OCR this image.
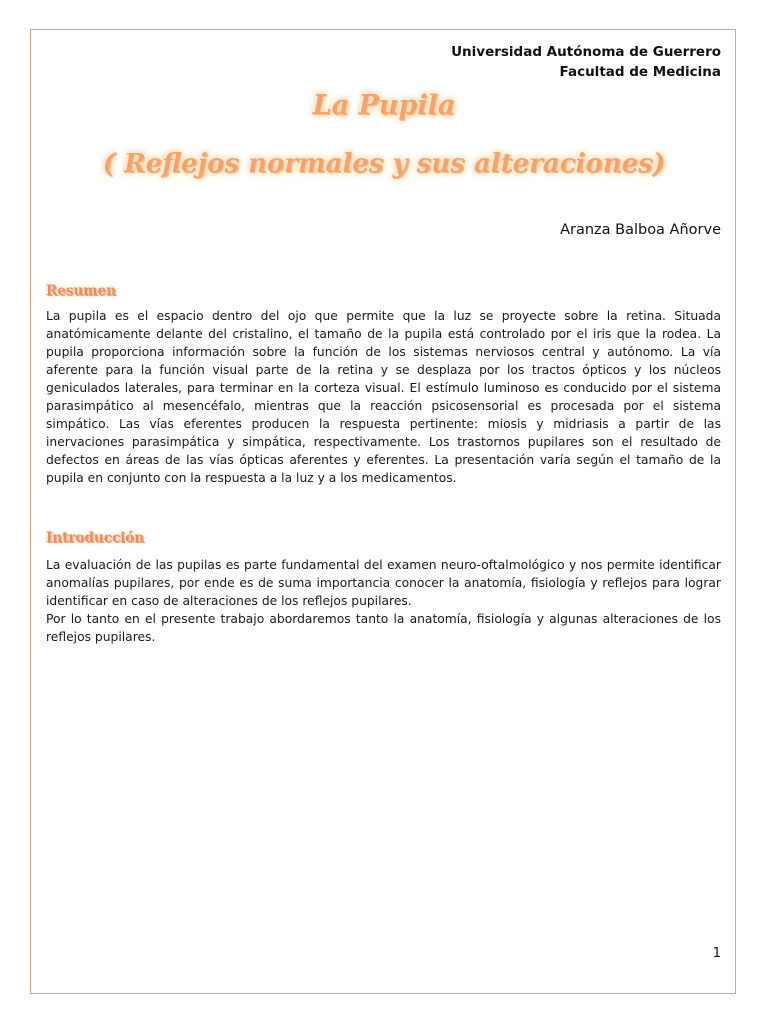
Universidad Autónoma de Guerrero
Facultad de Medicina
La Pupila
( Reflejos normales y sus alteraciones)
Aranza Balboa Añorve
Resumen

La pupila es el espacio dentro del ojo que permite que la luz se proyecte sobre la retina. Situada anatómicamente delante del cristalino, el tamaño de la pupila está controlado por el iris que la rodea. La pupila proporciona información sobre la función de los sistemas nerviosos central y autónomo. La vía aferente para la función visual parte de la retina y se desplaza por los tractos ópticos y los núcleos geniculados laterales, para terminar en la corteza visual. El estímulo luminoso es conducido por el sistema parasimpático al mesencéfalo, mientras que la reacción psicosensorial es procesada por el sistema simpático. Las vías eferentes producen la respuesta pertinente: miosis y midriasis a partir de las inervaciones parasimpática y simpática, respectivamente. Los trastornos pupilares son el resultado de defectos en áreas de las vías ópticas aferentes y eferentes. La presentación varía según el tamaño de la pupila en conjunto con la respuesta a la luz y a los medicamentos.

Introducción

La evaluación de las pupilas es parte fundamental del examen neuro-oftalmológico y nos permite identificar anomalías pupilares, por ende es de suma importancia conocer la anatomía, fisiología y reflejos para lograr identificar en caso de alteraciones de los reflejos pupilares.

Por lo tanto en el presente trabajo abordaremos tanto la anatomía, fisiología y algunas alteraciones de los reflejos pupilares.

1
